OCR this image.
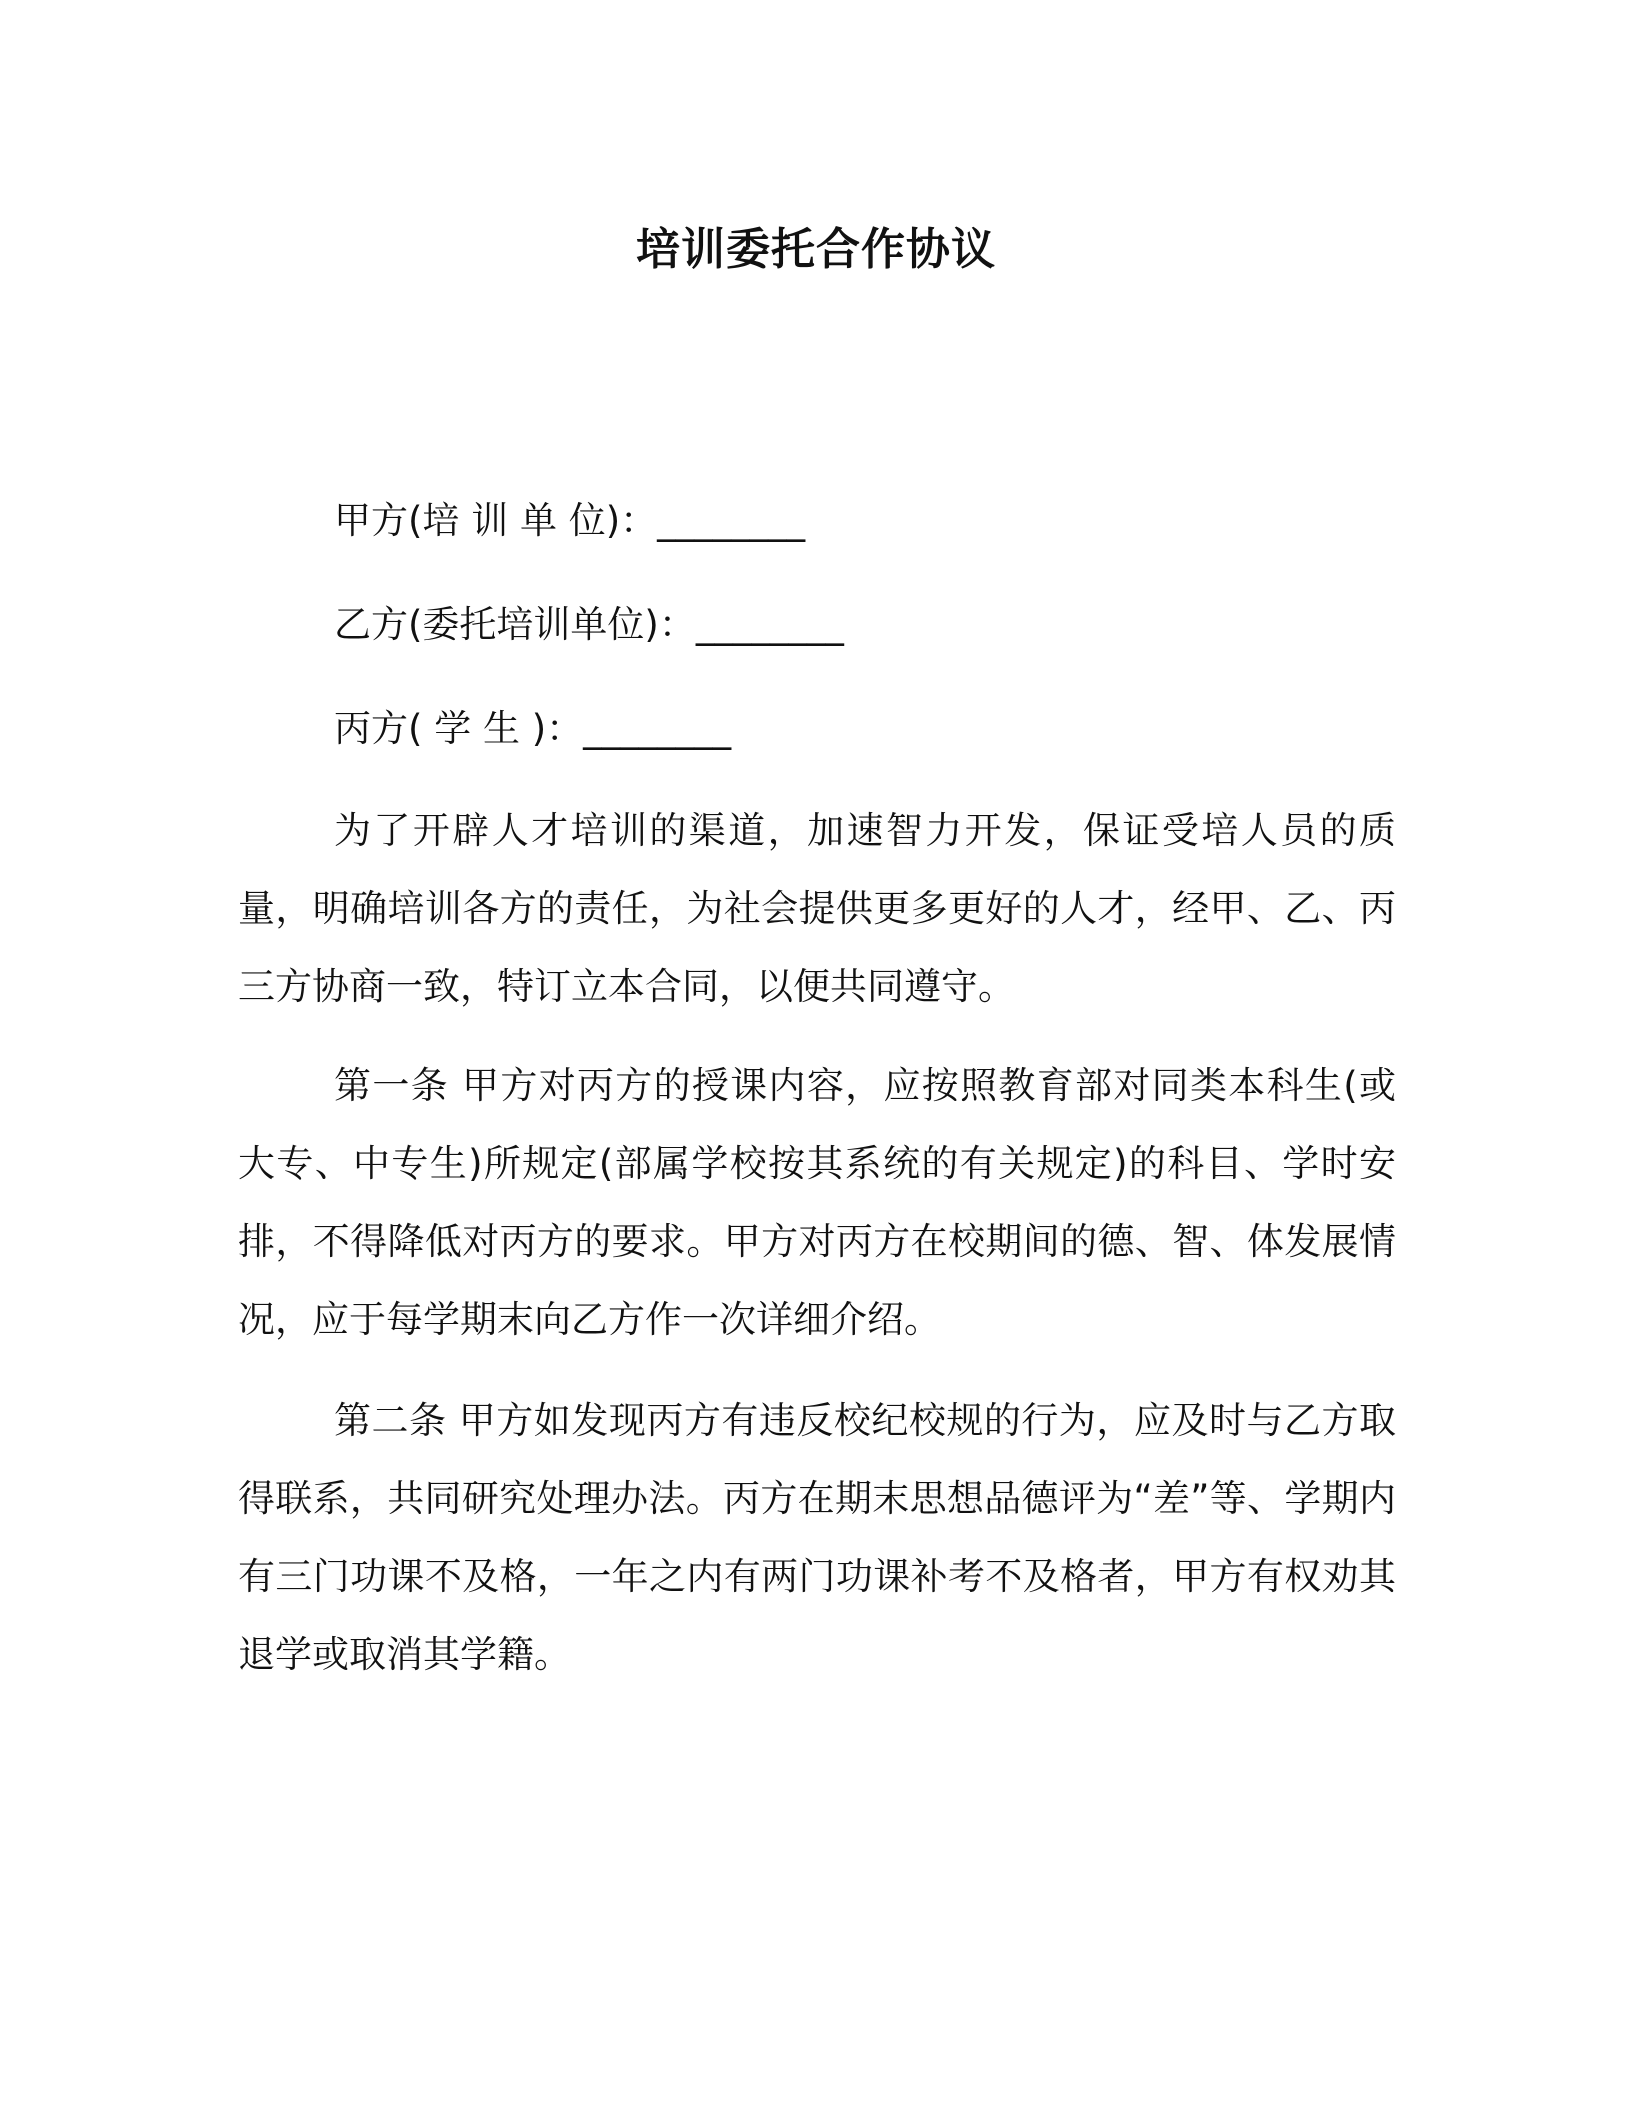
培训委托合作协议
甲方(培 训 单 位)：________
乙方(委托培训单位)：________
丙方( 学 生 )：________

为了开辟人才培训的渠道，加速智力开发，保证受培人员的质量，明确培训各方的责任，为社会提供更多更好的人才，经甲、乙、丙三方协商一致，特订立本合同，以便共同遵守。

第一条 甲方对丙方的授课内容，应按照教育部对同类本科生(或大专、中专生)所规定(部属学校按其系统的有关规定)的科目、学时安排，不得降低对丙方的要求。甲方对丙方在校期间的德、智、体发展情况，应于每学期末向乙方作一次详细介绍。

第二条 甲方如发现丙方有违反校纪校规的行为，应及时与乙方取得联系，共同研究处理办法。丙方在期末思想品德评为“差”等、学期内有三门功课不及格，一年之内有两门功课补考不及格者，甲方有权劝其退学或取消其学籍。
